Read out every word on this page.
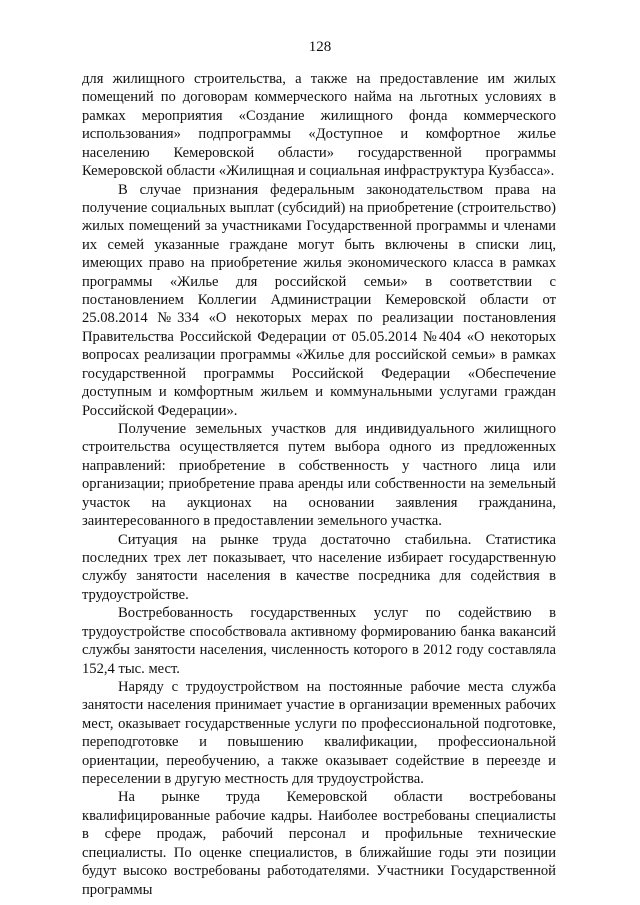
128

для жилищного строительства, а также на предоставление им жилых помещений по договорам коммерческого найма на льготных условиях в рамках мероприятия «Создание жилищного фонда коммерческого использования» подпрограммы «Доступное и комфортное жилье населению Кемеровской области» государственной программы Кемеровской области «Жилищная и социальная инфраструктура Кузбасса».

В случае признания федеральным законодательством права на получение социальных выплат (субсидий) на приобретение (строительство) жилых помещений за участниками Государственной программы и членами их семей указанные граждане могут быть включены в списки лиц, имеющих право на приобретение жилья экономического класса в рамках программы «Жилье для российской семьи» в соответствии с постановлением Коллегии Администрации Кемеровской области от 25.08.2014 №334 «О некоторых мерах по реализации постановления Правительства Российской Федерации от 05.05.2014 №404 «О некоторых вопросах реализации программы «Жилье для российской семьи» в рамках государственной программы Российской Федерации «Обеспечение доступным и комфортным жильем и коммунальными услугами граждан Российской Федерации».

Получение земельных участков для индивидуального жилищного строительства осуществляется путем выбора одного из предложенных направлений: приобретение в собственность у частного лица или организации; приобретение права аренды или собственности на земельный участок на аукционах на основании заявления гражданина, заинтересованного в предоставлении земельного участка.

Ситуация на рынке труда достаточно стабильна. Статистика последних трех лет показывает, что население избирает государственную службу занятости населения в качестве посредника для содействия в трудоустройстве.

Востребованность государственных услуг по содействию в трудоустройстве способствовала активному формированию банка вакансий службы занятости населения, численность которого в 2012 году составляла 152,4 тыс. мест.

Наряду с трудоустройством на постоянные рабочие места служба занятости населения принимает участие в организации временных рабочих мест, оказывает государственные услуги по профессиональной подготовке, переподготовке и повышению квалификации, профессиональной ориентации, переобучению, а также оказывает содействие в переезде и переселении в другую местность для трудоустройства.

На рынке труда Кемеровской области востребованы квалифицированные рабочие кадры. Наиболее востребованы специалисты в сфере продаж, рабочий персонал и профильные технические специалисты. По оценке специалистов, в ближайшие годы эти позиции будут высоко востребованы работодателями. Участники Государственной программы
